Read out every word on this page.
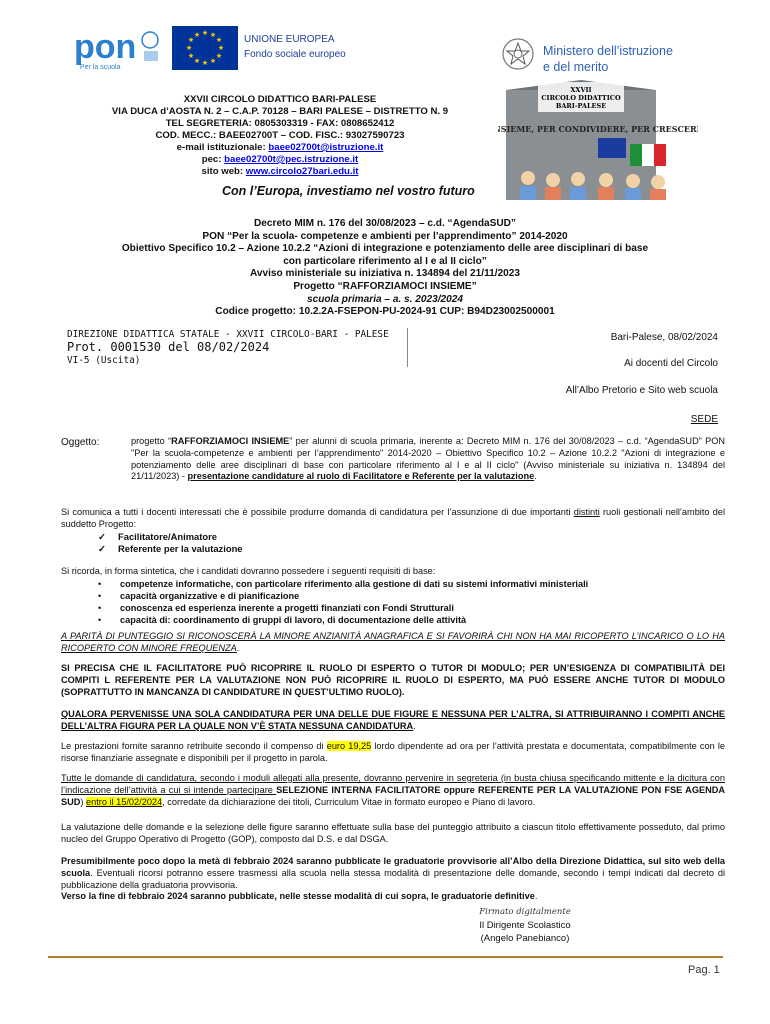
pon
Per la scuola
★ ★
★
★
★
★
★
★
★
★
★
★	UNIONE EUROPEA
Fondo sociale europeo	Ministero dell’istruzione
e del merito
XXVII CIRCOLO DIDATTICO BARI-PALESE
VIA DUCA d’AOSTA N. 2 – C.A.P. 70128 – BARI PALESE – DISTRETTO N. 9
TEL SEGRETERIA: 0805303319 - FAX: 0808652412
COD. MECC.: BAEE02700T – COD. FISC.: 93027590723
e-mail istituzionale: baee02700t@istruzione.it
pec: baee02700t@pec.istruzione.it
sito web: www.circolo27bari.edu.it
Con l’Europa, investiamo nel vostro futuro
XXVII
CIRCOLO DIDATTICO
BARI-PALESE
INSIEME, PER CONDIVIDERE, PER CRESCERE!
Decreto MIM n. 176 del 30/08/2023 – c.d. “AgendaSUD”
PON “Per la scuola- competenze e ambienti per l’apprendimento” 2014-2020
Obiettivo Specifico 10.2 – Azione 10.2.2 “Azioni di integrazione e potenziamento delle aree disciplinari di base
con particolare riferimento al I e al II ciclo”
Avviso ministeriale su iniziativa n. 134894 del 21/11/2023
Progetto “RAFFORZIAMOCI INSIEME”
scuola primaria – a. s. 2023/2024
Codice progetto: 10.2.2A-FSEPON-PU-2024-91 CUP: B94D23002500001
DIREZIONE DIDATTICA STATALE - XXVII CIRCOLO-BARI - PALESE
Prot. 0001530 del 08/02/2024
VI-5 (Uscita)
Bari-Palese, 08/02/2024
Ai docenti del Circolo
All’Albo Pretorio e Sito web scuola
SEDE
Oggetto:	progetto “RAFFORZIAMOCI INSIEME” per alunni di scuola primaria, inerente a: Decreto MIM n. 176 del 30/08/2023 – c.d. “AgendaSUD” PON "Per la scuola-competenze e ambienti per l’apprendimento" 2014-2020 – Obiettivo Specifico 10.2 – Azione 10.2.2 "Azioni di integrazione e potenziamento delle aree disciplinari di base con particolare riferimento al I e al II ciclo" (Avviso ministeriale su iniziativa n. 134894 del 21/11/2023) - presentazione candidature al ruolo di Facilitatore e Referente per la valutazione.
Si comunica a tutti i docenti interessati che è possibile produrre domanda di candidatura per l’assunzione di due importanti distinti ruoli gestionali nell’ambito del suddetto Progetto:
✓ Facilitatore/Animatore
✓ Referente per la valutazione
Si ricorda, in forma sintetica, che i candidati dovranno possedere i seguenti requisiti di base:
• competenze informatiche, con particolare riferimento alla gestione di dati su sistemi informativi ministeriali
• capacità organizzative e di pianificazione
• conoscenza ed esperienza inerente a progetti finanziati con Fondi Strutturali
• capacità di: coordinamento di gruppi di lavoro, di documentazione delle attività
A PARITÀ DI PUNTEGGIO SI RICONOSCERÀ LA MINORE ANZIANITÀ ANAGRAFICA E SI FAVORIRÀ CHI NON HA MAI RICOPERTO L’INCARICO O LO HA RICOPERTO CON MINORE FREQUENZA.
SI PRECISA CHE IL FACILITATORE PUÒ RICOPRIRE IL RUOLO DI ESPERTO O TUTOR DI MODULO; PER UN’ESIGENZA DI COMPATIBILITÀ DEI COMPITI L REFERENTE PER LA VALUTAZIONE NON PUÒ RICOPRIRE IL RUOLO DI ESPERTO, MA PUÒ ESSERE ANCHE TUTOR DI MODULO (SOPRATTUTTO IN MANCANZA DI CANDIDATURE IN QUEST’ULTIMO RUOLO).
QUALORA PERVENISSE UNA SOLA CANDIDATURA PER UNA DELLE DUE FIGURE E NESSUNA PER L’ALTRA, SI ATTRIBUIRANNO I COMPITI ANCHE DELL’ALTRA FIGURA PER LA QUALE NON V’È STATA NESSUNA CANDIDATURA.
Le prestazioni fornite saranno retribuite secondo il compenso di euro 19,25 lordo dipendente ad ora per l’attività prestata e documentata, compatibilmente con le risorse finanziarie assegnate e disponibili per il progetto in parola.
Tutte le domande di candidatura, secondo i moduli allegati alla presente, dovranno pervenire in segreteria (in busta chiusa specificando mittente e la dicitura con l’indicazione dell’attività a cui si intende partecipare SELEZIONE INTERNA FACILITATORE oppure REFERENTE PER LA VALUTAZIONE PON FSE AGENDA SUD) entro il 15/02/2024, corredate da dichiarazione dei titoli, Curriculum Vitae in formato europeo e Piano di lavoro.
La valutazione delle domande e la selezione delle figure saranno effettuate sulla base del punteggio attribuito a ciascun titolo effettivamente posseduto, dal primo nucleo del Gruppo Operativo di Progetto (GOP), composto dal D.S. e dal DSGA.
Presumibilmente poco dopo la metà di febbraio 2024 saranno pubblicate le graduatorie provvisorie all’Albo della Direzione Didattica, sul sito web della scuola. Eventuali ricorsi potranno essere trasmessi alla scuola nella stessa modalità di presentazione delle domande, secondo i tempi indicati dal decreto di pubblicazione della graduatoria provvisoria.
Verso la fine di febbraio 2024 saranno pubblicate, nelle stesse modalità di cui sopra, le graduatorie definitive.
Firmato digitalmente
Il Dirigente Scolastico
(Angelo Panebianco)
Pag. 1
